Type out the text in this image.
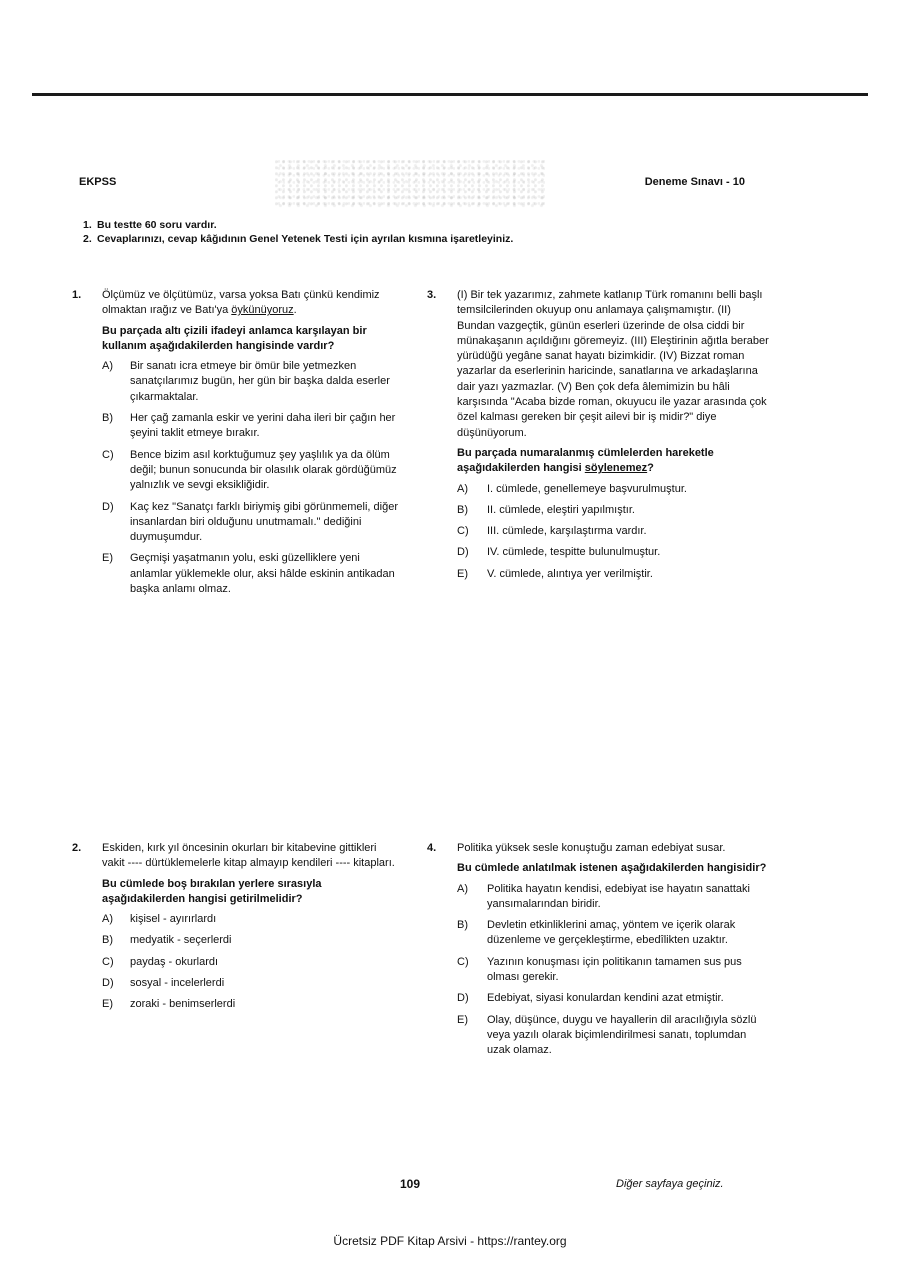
EKPSS	Deneme Sınavı - 10
1. Bu testte 60 soru vardır.
2. Cevaplarınızı, cevap kâğıdının Genel Yetenek Testi için ayrılan kısmına işaretleyiniz.
1. Ölçümüz ve ölçütümüz, varsa yoksa Batı çünkü kendimiz olmaktan ırağız ve Batı'ya öykünüyoruz.

Bu parçada altı çizili ifadeyi anlamca karşılayan bir kullanım aşağıdakilerden hangisinde vardır?

A) Bir sanatı icra etmeye bir ömür bile yetmezken sanatçılarımız bugün, her gün bir başka dalda eserler çıkarmaktalar.
B) Her çağ zamanla eskir ve yerini daha ileri bir çağın her şeyini taklit etmeye bırakır.
C) Bence bizim asıl korktuğumuz şey yaşlılık ya da ölüm değil; bunun sonucunda bir olasılık olarak gördüğümüz yalnızlık ve sevgi eksikliğidir.
D) Kaç kez "Sanatçı farklı biriymiş gibi görünmemeli, diğer insanlardan biri olduğunu unutmamalı." dediğini duymuşumdur.
E) Geçmişi yaşatmanın yolu, eski güzelliklere yeni anlamlar yüklemekle olur, aksi hâlde eskinin antikadan başka anlamı olmaz.
3. (I) Bir tek yazarımız, zahmete katlanıp Türk romanını belli başlı temsilcilerinden okuyup onu anlamaya çalışmamıştır. (II) Bundan vazgeçtik, günün eserleri üzerinde de olsa ciddi bir münakaşanın açıldığını göremeyiz. (III) Eleştirinin ağıtla beraber yürüdüğü yegâne sanat hayatı bizimkidir. (IV) Bizzat roman yazarlar da eserlerinin haricinde, sanatlarına ve arkadaşlarına dair yazı yazmazlar. (V) Ben çok defa âlemimizin bu hâli karşısında "Acaba bizde roman, okuyucu ile yazar arasında çok özel kalması gereken bir çeşit ailevi bir iş midir?" diye düşünüyorum.

Bu parçada numaralanmış cümlelerden hareketle aşağıdakilerden hangisi söylenemez?

A) I. cümlede, genellemeye başvurulmuştur.
B) II. cümlede, eleştiri yapılmıştır.
C) III. cümlede, karşılaştırma vardır.
D) IV. cümlede, tespitte bulunulmuştur.
E) V. cümlede, alıntıya yer verilmiştir.
2. Eskiden, kırk yıl öncesinin okurları bir kitabevine gittikleri vakit ---- dürtüklemelerle kitap almayıp kendileri ---- kitapları.

Bu cümlede boş bırakılan yerlere sırasıyla aşağıdakilerden hangisi getirilmelidir?

A) kişisel - ayırırlardı
B) medyatik - seçerlerdi
C) paydaş - okurlardı
D) sosyal - incelerlerdi
E) zoraki - benimserlerdi
4. Politika yüksek sesle konuştuğu zaman edebiyat susar.

Bu cümlede anlatılmak istenen aşağıdakilerden hangisidir?

A) Politika hayatın kendisi, edebiyat ise hayatın sanattaki yansımalarından biridir.
B) Devletin etkinliklerini amaç, yöntem ve içerik olarak düzenleme ve gerçekleştirme, ebedîlikten uzaktır.
C) Yazının konuşması için politikanın tamamen sus pus olması gerekir.
D) Edebiyat, siyasi konulardan kendini azat etmiştir.
E) Olay, düşünce, duygu ve hayallerin dil aracılığıyla sözlü veya yazılı olarak biçimlendirilmesi sanatı, toplumdan uzak olamaz.
109	Diğer sayfaya geçiniz.
Ücretsiz PDF Kitap Arsivi - https://rantey.org
